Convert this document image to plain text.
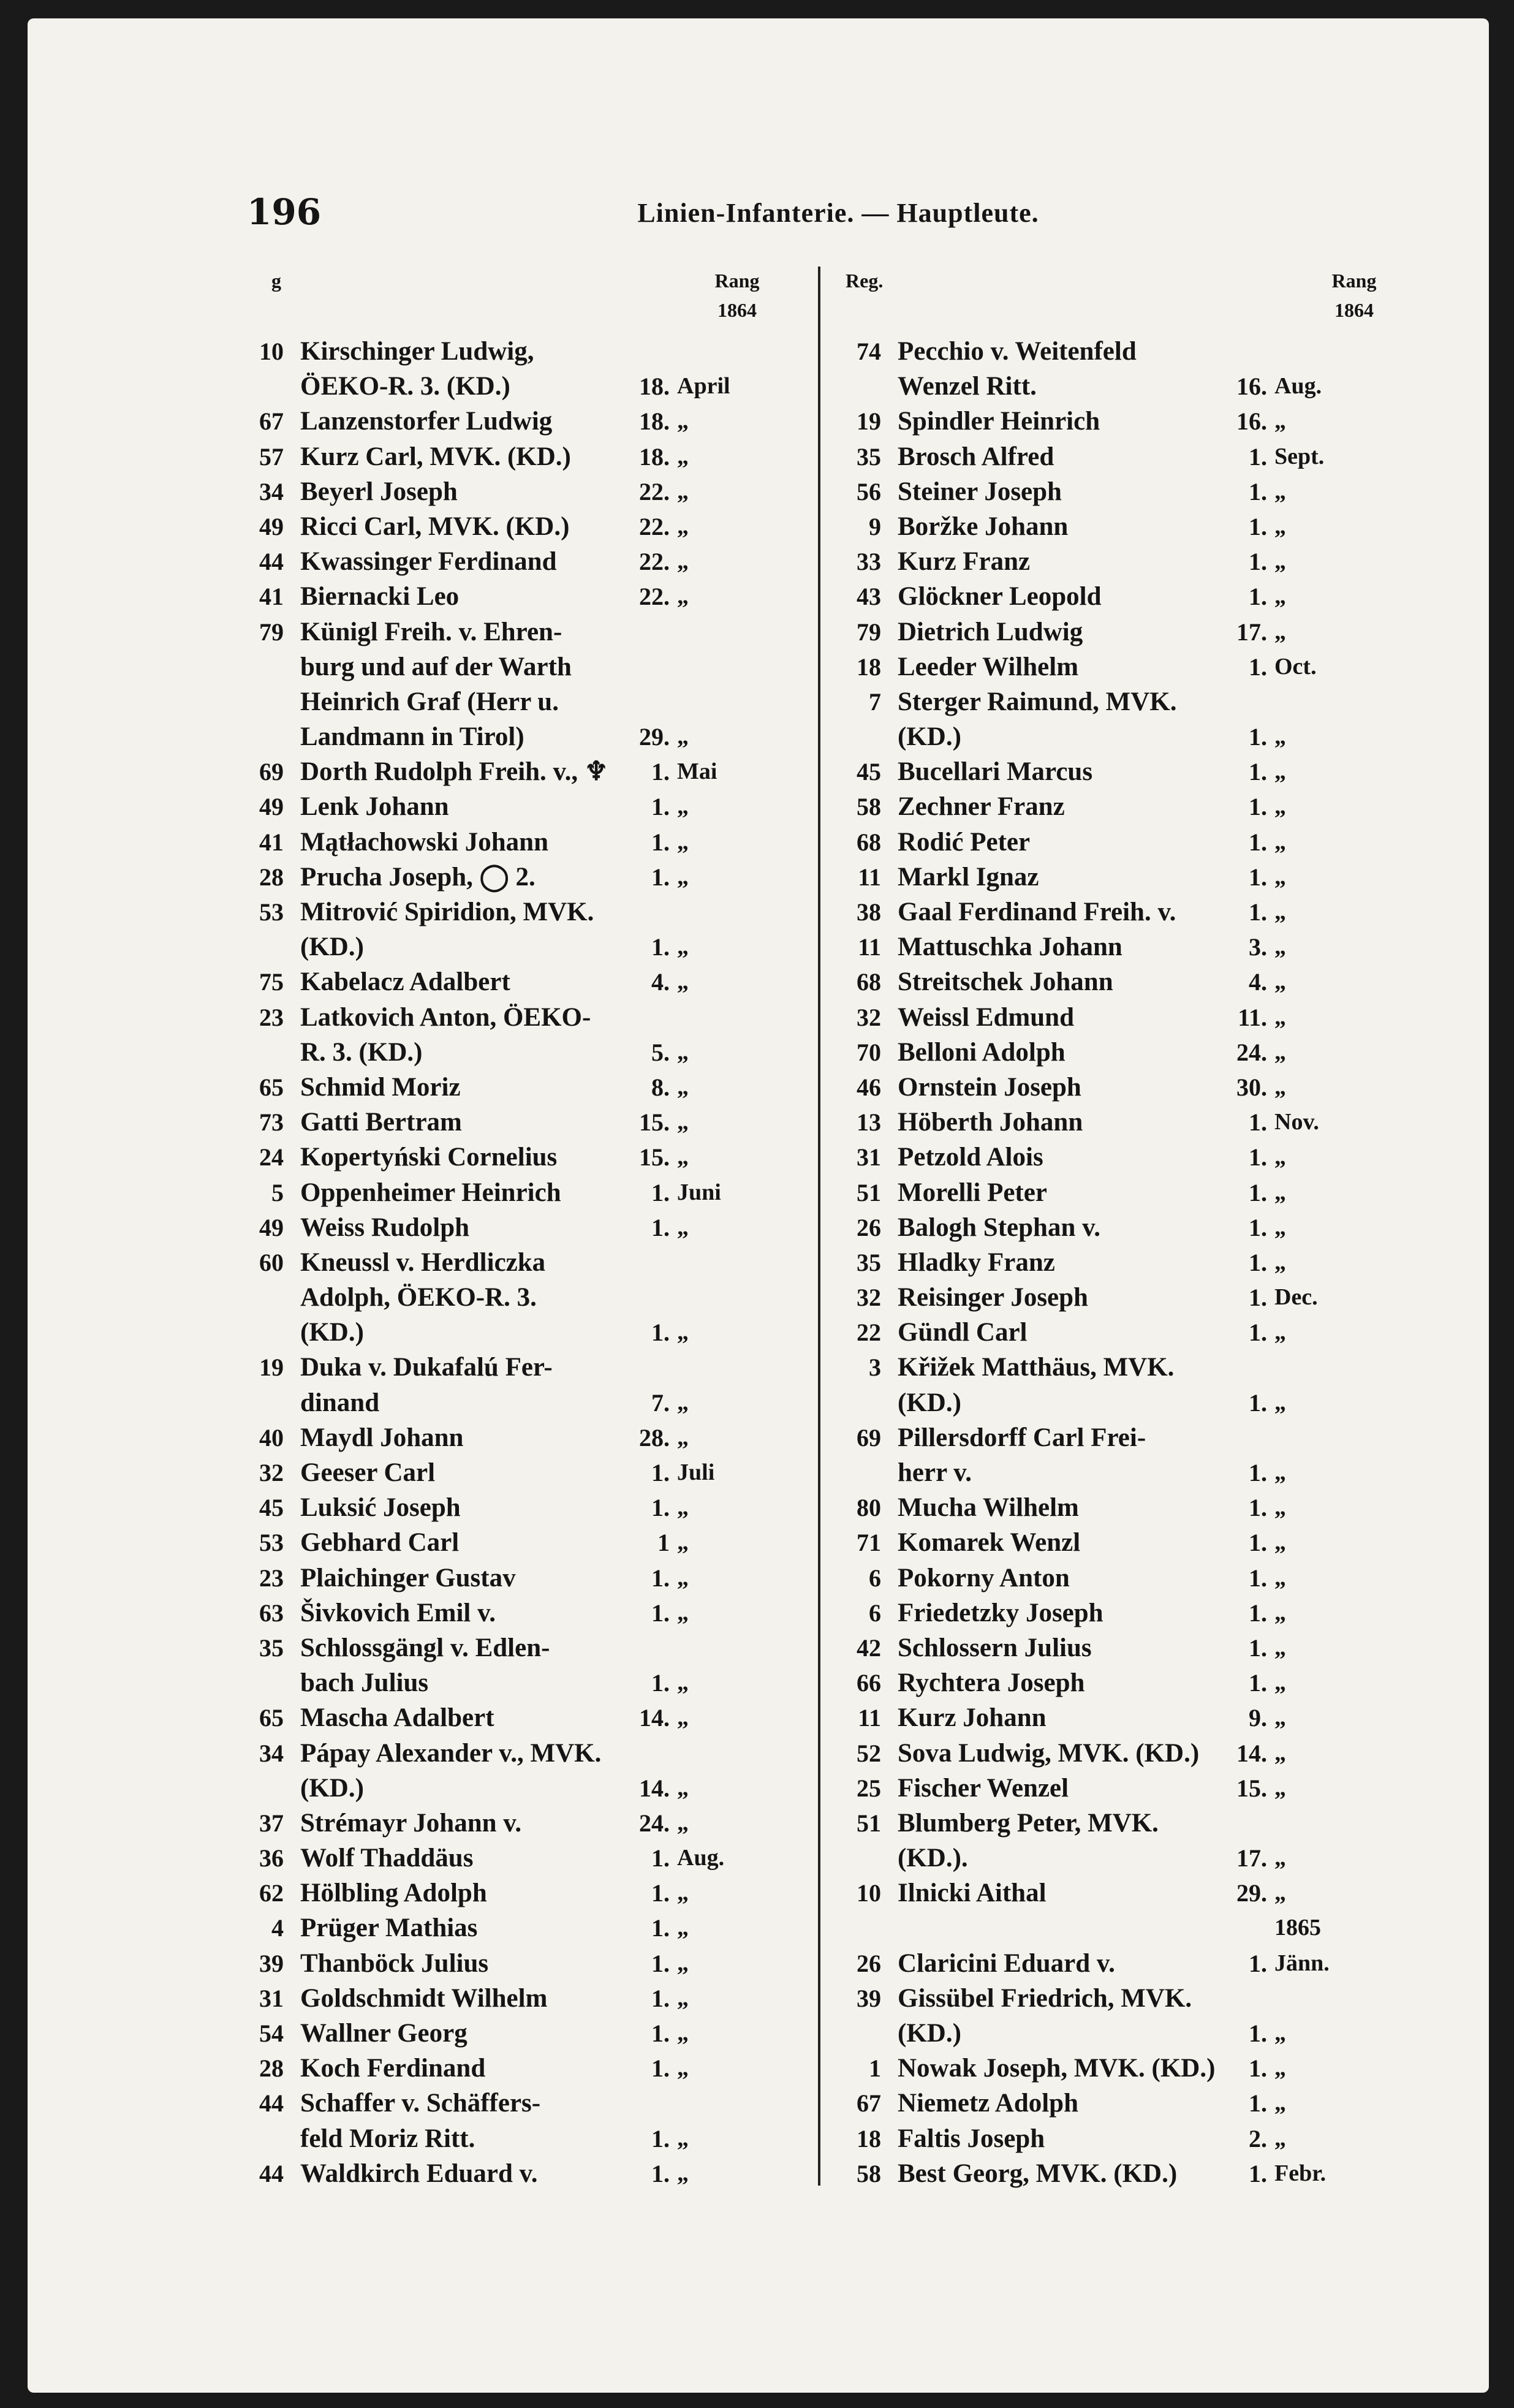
196	Linien-Infanterie. — Hauptleute.
g	Rang
1864
Reg.	Rang
1864
10 Kirschinger Ludwig,
ÖEKO-R. 3. (KD.)	18. April
67 Lanzenstorfer Ludwig	18. „
57 Kurz Carl, MVK. (KD.)	18. „
34 Beyerl Joseph	22. „
49 Ricci Carl, MVK. (KD.)	22. „
44 Kwassinger Ferdinand	22. „
41 Biernacki Leo	22. „
79 Künigl Freih. v. Ehren-
burg und auf der Warth
Heinrich Graf (Herr u.
Landmann in Tirol)	29. „
69 Dorth Rudolph Freih. v., ♆	1. Mai
49 Lenk Johann	1. „
41 Mątłachowski Johann	1. „
28 Prucha Joseph, ◯ 2.	1. „
53 Mitrović Spiridion, MVK.
(KD.)	1. „
75 Kabelacz Adalbert	4. „
23 Latkovich Anton, ÖEKO-
R. 3. (KD.)	5. „
65 Schmid Moriz	8. „
73 Gatti Bertram	15. „
24 Kopertyński Cornelius	15. „
5 Oppenheimer Heinrich	1. Juni
49 Weiss Rudolph	1. „
60 Kneussl v. Herdliczka
Adolph, ÖEKO-R. 3.
(KD.)	1. „
19 Duka v. Dukafalú Fer-
dinand	7. „
40 Maydl Johann	28. „
32 Geeser Carl	1. Juli
45 Luksić Joseph	1. „
53 Gebhard Carl	1 „
23 Plaichinger Gustav	1. „
63 Šivkovich Emil v.	1. „
35 Schlossgängl v. Edlen-
bach Julius	1. „
65 Mascha Adalbert	14. „
34 Pápay Alexander v., MVK.
(KD.)	14. „
37 Strémayr Johann v.	24. „
36 Wolf Thaddäus	1. Aug.
62 Hölbling Adolph	1. „
4 Prüger Mathias	1. „
39 Thanböck Julius	1. „
31 Goldschmidt Wilhelm	1. „
54 Wallner Georg	1. „
28 Koch Ferdinand	1. „
44 Schaffer v. Schäffers-
feld Moriz Ritt.	1. „
44 Waldkirch Eduard v.	1. „
74 Pecchio v. Weitenfeld
Wenzel Ritt.	16. Aug.
19 Spindler Heinrich	16. „
35 Brosch Alfred	1. Sept.
56 Steiner Joseph	1. „
9 Boržke Johann	1. „
33 Kurz Franz	1. „
43 Glöckner Leopold	1. „
79 Dietrich Ludwig	17. „
18 Leeder Wilhelm	1. Oct.
7 Sterger Raimund, MVK.
(KD.)	1. „
45 Bucellari Marcus	1. „
58 Zechner Franz	1. „
68 Rodić Peter	1. „
11 Markl Ignaz	1. „
38 Gaal Ferdinand Freih. v.	1. „
11 Mattuschka Johann	3. „
68 Streitschek Johann	4. „
32 Weissl Edmund	11. „
70 Belloni Adolph	24. „
46 Ornstein Joseph	30. „
13 Höberth Johann	1. Nov.
31 Petzold Alois	1. „
51 Morelli Peter	1. „
26 Balogh Stephan v.	1. „
35 Hladky Franz	1. „
32 Reisinger Joseph	1. Dec.
22 Gündl Carl	1. „
3 Křižek Matthäus, MVK.
(KD.)	1. „
69 Pillersdorff Carl Frei-
herr v.	1. „
80 Mucha Wilhelm	1. „
71 Komarek Wenzl	1. „
6 Pokorny Anton	1. „
6 Friedetzky Joseph	1. „
42 Schlossern Julius	1. „
66 Rychtera Joseph	1. „
11 Kurz Johann	9. „
52 Sova Ludwig, MVK. (KD.)	14. „
25 Fischer Wenzel	15. „
51 Blumberg Peter, MVK.
(KD.).	17. „
10 Ilnicki Aithal	29. „
1865
26 Claricini Eduard v.	1. Jänn.
39 Gissübel Friedrich, MVK.
(KD.)	1. „
1 Nowak Joseph, MVK. (KD.)	1. „
67 Niemetz Adolph	1. „
18 Faltis Joseph	2. „
58 Best Georg, MVK. (KD.)	1. Febr.
